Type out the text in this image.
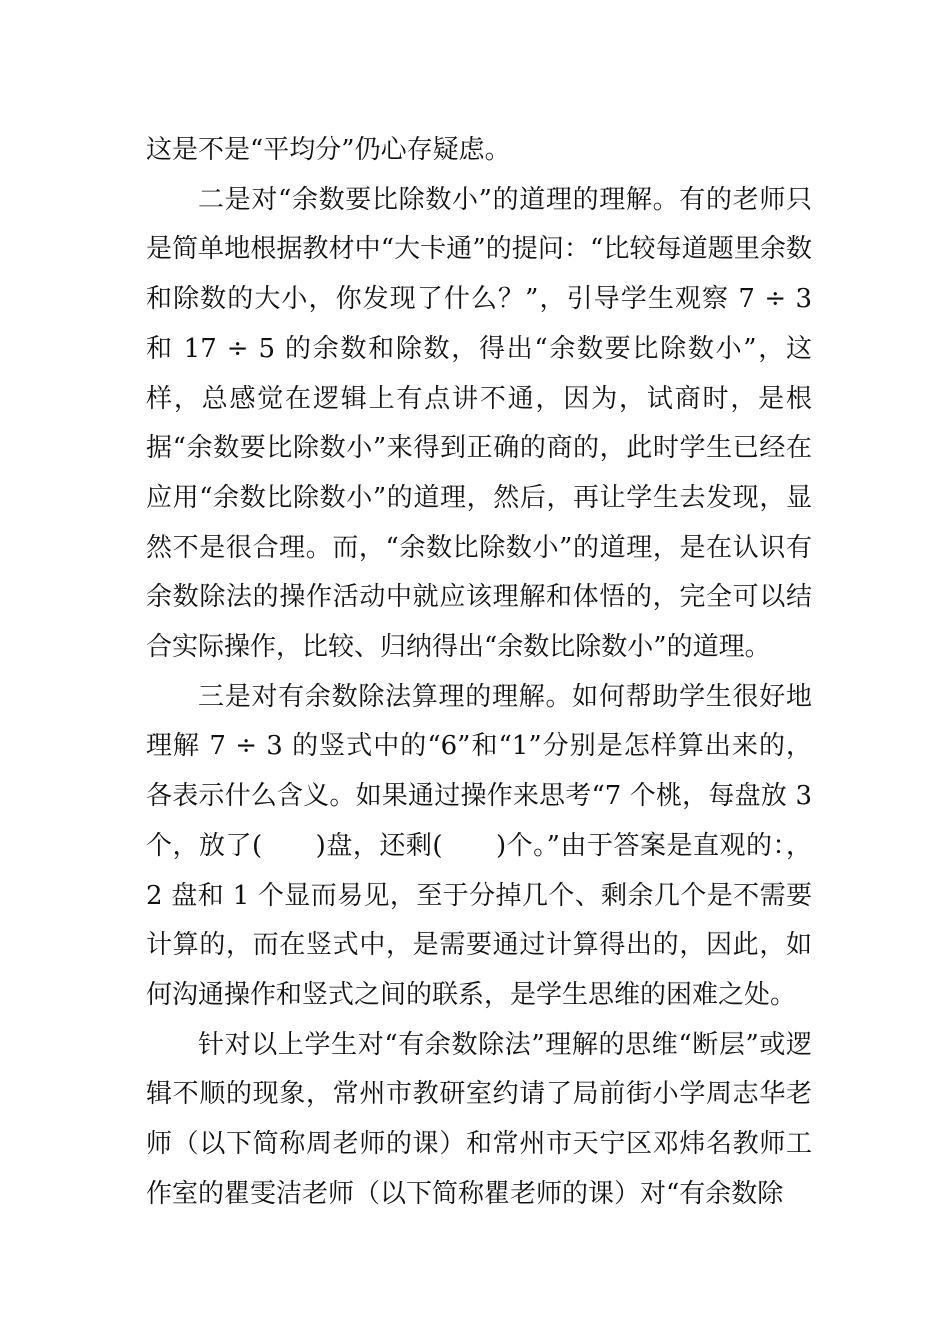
这是不是“平均分”仍心存疑虑。

二是对“余数要比除数小”的道理的理解。有的老师只是简单地根据教材中“大卡通”的提问：“比较每道题里余数和除数的大小，你发现了什么？”，引导学生观察 7 ÷ 3 和 17 ÷ 5 的余数和除数，得出“余数要比除数小”，这样，总感觉在逻辑上有点讲不通，因为，试商时，是根据“余数要比除数小”来得到正确的商的，此时学生已经在应用“余数比除数小”的道理，然后，再让学生去发现，显然不是很合理。而，“余数比除数小”的道理，是在认识有余数除法的操作活动中就应该理解和体悟的，完全可以结合实际操作，比较、归纳得出“余数比除数小”的道理。

三是对有余数除法算理的理解。如何帮助学生很好地理解 7 ÷ 3 的竖式中的“6”和“1”分别是怎样算出来的，各表示什么含义。如果通过操作来思考“7 个桃，每盘放 3 个，放了(　　)盘，还剩(　　)个。”由于答案是直观的：，2 盘和 1 个显而易见，至于分掉几个、剩余几个是不需要计算的，而在竖式中，是需要通过计算得出的，因此，如何沟通操作和竖式之间的联系，是学生思维的困难之处。

针对以上学生对“有余数除法”理解的思维“断层”或逻辑不顺的现象，常州市教研室约请了局前街小学周志华老师（以下简称周老师的课）和常州市天宁区邓炜名教师工作室的瞿雯洁老师（以下简称瞿老师的课）对“有余数除
